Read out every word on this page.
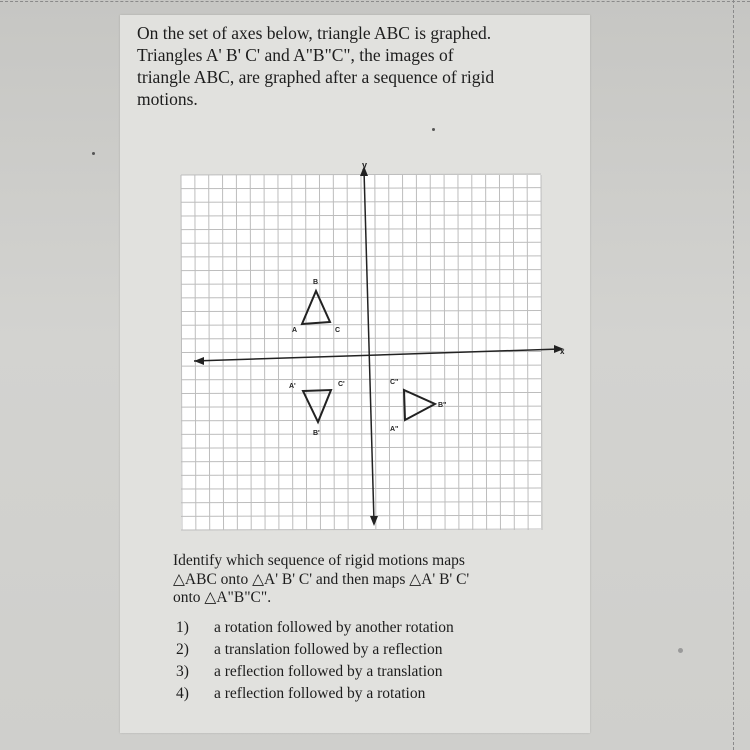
On the set of axes below, triangle ABC is graphed.

Triangles A' B' C' and A"B"C", the images of

triangle ABC, are graphed after a sequence of rigid

motions.

x
y
A
B
C
A'
B'
C'	C"
B"
A"

Identify which sequence of rigid motions maps

△ABC onto △A' B' C' and then maps △A' B' C'

onto △A"B"C".

1)	a rotation followed by another rotation
2)	a translation followed by a reflection
3)	a reflection followed by a translation
4)	a reflection followed by a rotation
